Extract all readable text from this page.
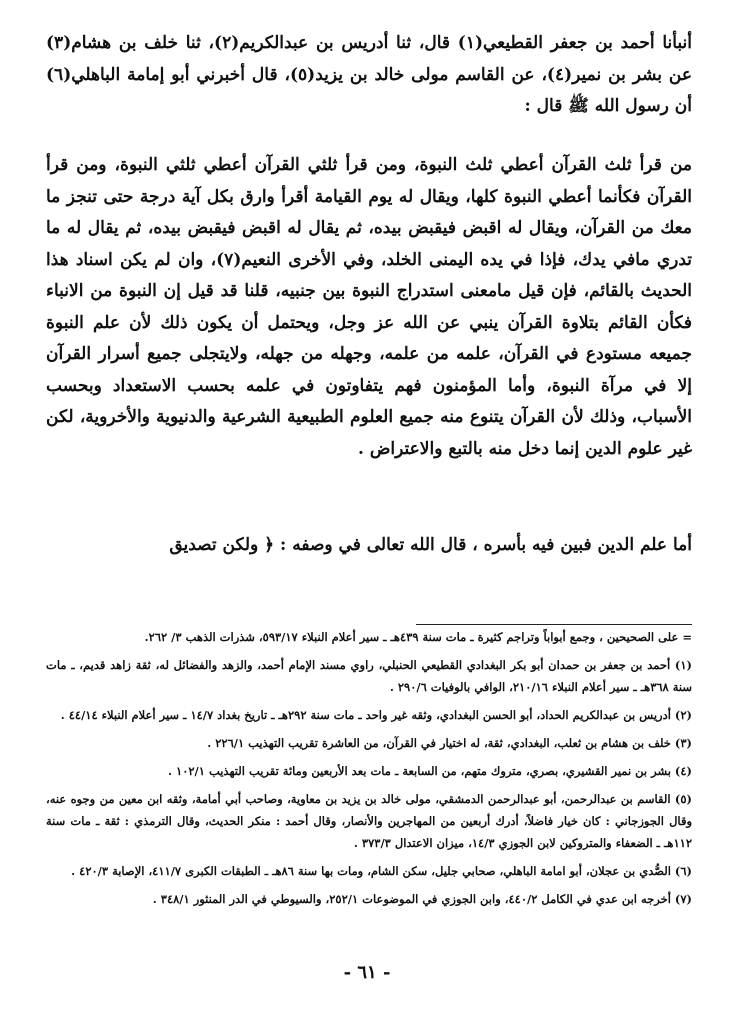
أنبأنا أحمد بن جعفر القطيعي(١) قال، ثنا أدريس بن عبدالكريم(٢)، ثنا خلف بن هشام(٣) عن بشر بن نمير(٤)، عن القاسم مولى خالد بن يزيد(٥)، قال أخبرني أبو إمامة الباهلي(٦) أن رسول الله ﷺ قال :

من قرأ ثلث القرآن أعطي ثلث النبوة، ومن قرأ ثلثي القرآن أعطي ثلثي النبوة، ومن قرأ القرآن فكأنما أعطي النبوة كلها، ويقال له يوم القيامة أقرأ وارق بكل آية درجة حتى تنجز ما معك من القرآن، ويقال له اقبض فيقبض بيده، ثم يقال له اقبض فيقبض بيده، ثم يقال له ما تدري مافي يدك، فإذا في يده اليمنى الخلد، وفي الأخرى النعيم(٧)، وان لم يكن اسناد هذا الحديث بالقائم، فإن قيل مامعنى استدراج النبوة بين جنبيه، قلنا قد قيل إن النبوة من الانباء فكأن القائم بتلاوة القرآن ينبي عن الله عز وجل، ويحتمل أن يكون ذلك لأن علم النبوة جميعه مستودع في القرآن، علمه من علمه، وجهله من جهله، ولايتجلى جميع أسرار القرآن إلا في مرآة النبوة، وأما المؤمنون فهم يتفاوتون في علمه بحسب الاستعداد وبحسب الأسباب، وذلك لأن القرآن يتنوع منه جميع العلوم الطبيعية الشرعية والدنيوية والأخروية، لكن غير علوم الدين إنما دخل منه بالتبع والاعتراض .

أما علم الدين فبين فيه بأسره ، قال الله تعالى في وصفه : ﴿ ولكن تصديق

= على الصحيحين ، وجمع أبواباً وتراجم كثيرة ـ مات سنة ٤٣٩هـ ـ سير أعلام النبلاء ٥٩٣/١٧، شذرات الذهب ٣/ ٢٦٢.

(١) أحمد بن جعفر بن حمدان أبو بكر البغدادي القطيعي الحنبلي، راوي مسند الإمام أحمد، والزهد والفضائل له، ثقة زاهد قديم، ـ مات سنة ٣٦٨هـ ـ سير أعلام النبلاء ٢١٠/١٦، الوافي بالوفيات ٢٩٠/٦ .

(٢) أدريس بن عبدالكريم الحداد، أبو الحسن البغدادي، وثقه غير واحد ـ مات سنة ٢٩٢هـ ـ تاريخ بغداد ١٤/٧ ـ سير أعلام النبلاء ٤٤/١٤ .

(٣) خلف بن هشام بن ثعلب، البغدادي، ثقة، له اختيار في القرآن، من العاشرة تقريب التهذيب ٢٢٦/١ .

(٤) بشر بن نمير القشيري، بصري، متروك متهم، من السابعة ـ مات بعد الأربعين ومائة تقريب التهذيب ١٠٢/١ .

(٥) القاسم بن عبدالرحمن، أبو عبدالرحمن الدمشقي، مولى خالد بن يزيد بن معاوية، وصاحب أبي أمامة، وثقه ابن معين من وجوه عنه، وقال الجوزجاني : كان خيار فاضلاً، أدرك أربعين من المهاجرين والأنصار، وقال أحمد : منكر الحديث، وقال الترمذي : ثقة ـ مات سنة ١١٢هـ ـ الضعفاء والمتروكين لابن الجوزي ١٤/٣، ميزان الاعتدال ٣٧٣/٣ .

(٦) الصُّدي بن عجلان، أبو امامة الباهلي، صحابي جليل، سكن الشام، ومات بها سنة ٨٦هـ ـ الطبقات الكبرى ٤١١/٧، الإصابة ٤٢٠/٣ .

(٧) أخرجه ابن عدي في الكامل ٤٤٠/٢، وابن الجوزي في الموضوعات ٢٥٢/١، والسيوطي في الدر المنثور ٣٤٨/١ .

- ٦١ -
